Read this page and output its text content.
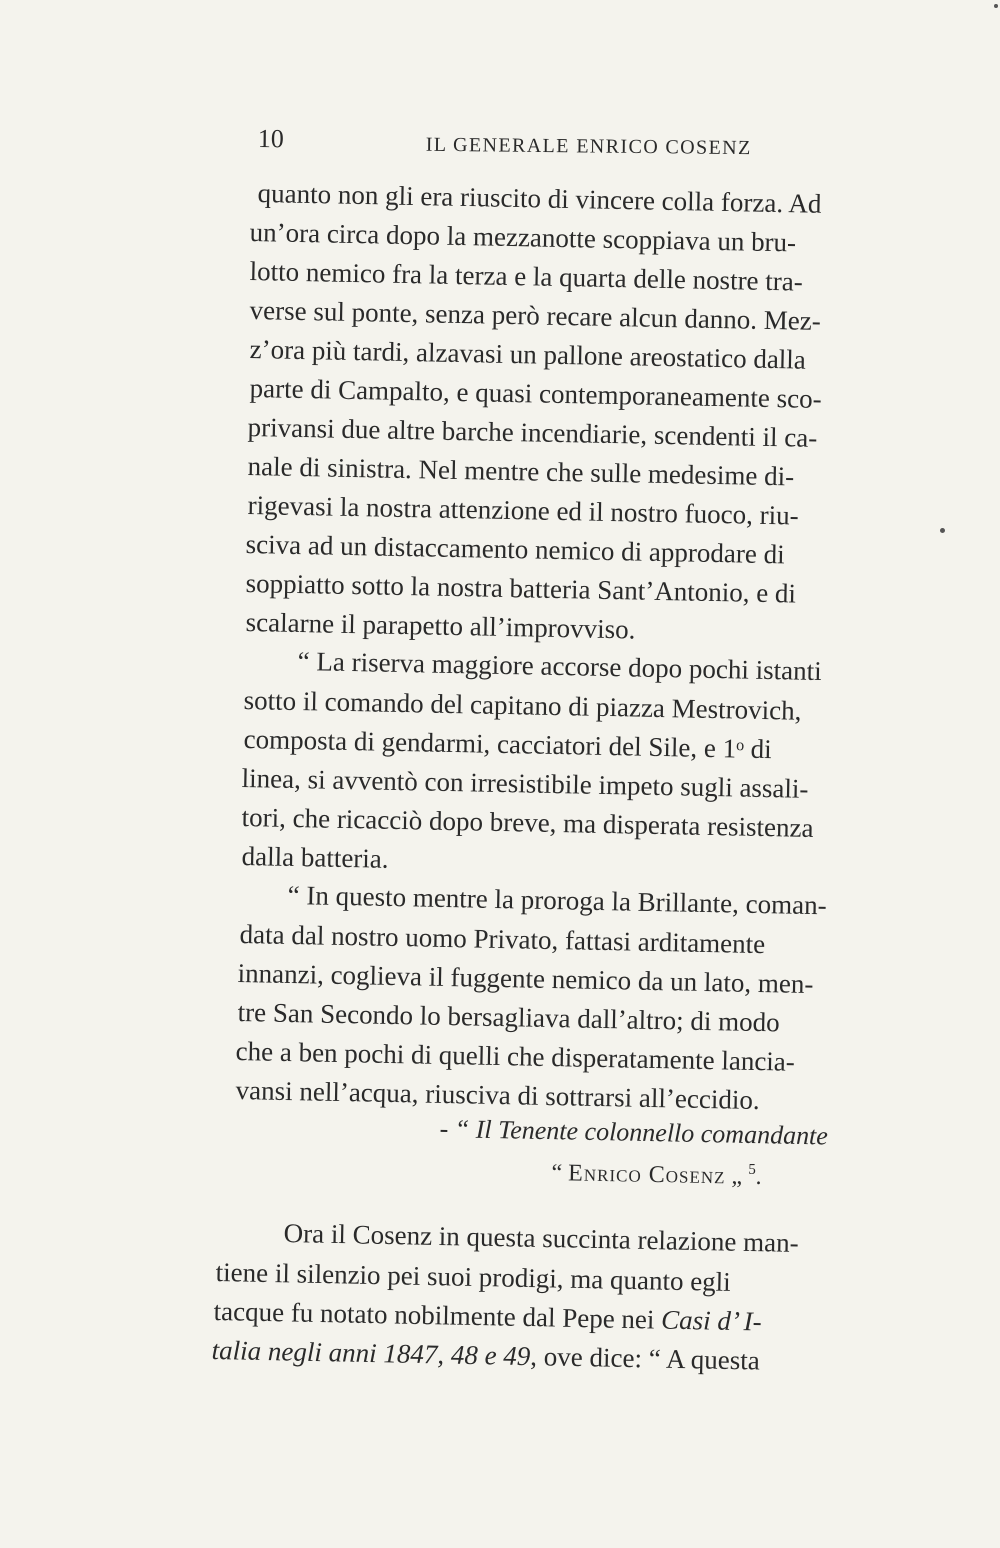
10	IL GENERALE ENRICO COSENZ
quanto non gli era riuscito di vincere colla forza. Ad
un’ora circa dopo la mezzanotte scoppiava un bru-
lotto nemico fra la terza e la quarta delle nostre tra-
verse sul ponte, senza però recare alcun danno. Mez-
z’ora più tardi, alzavasi un pallone areostatico dalla
parte di Campalto, e quasi contemporaneamente sco-
privansi due altre barche incendiarie, scendenti il ca-
nale di sinistra. Nel mentre che sulle medesime di-
rigevasi la nostra attenzione ed il nostro fuoco, riu-
sciva ad un distaccamento nemico di approdare di
soppiatto sotto la nostra batteria Sant’Antonio, e di
scalarne il parapetto all’improvviso.
“ La riserva maggiore accorse dopo pochi istanti
sotto il comando del capitano di piazza Mestrovich,
composta di gendarmi, cacciatori del Sile, e 1ᵒ di
linea, si avventò con irresistibile impeto sugli assali-
tori, che ricacciò dopo breve, ma disperata resistenza
dalla batteria.
“ In questo mentre la proroga la Brillante, coman-
data dal nostro uomo Privato, fattasi arditamente
innanzi, coglieva il fuggente nemico da un lato, men-
tre San Secondo lo bersagliava dall’altro; di modo
che a ben pochi di quelli che disperatamente lancia-
vansi nell’acqua, riusciva di sottrarsi all’eccidio.
- “ Il Tenente colonnello comandante
“ Enrico Cosenz „ $^5$.
Ora il Cosenz in questa succinta relazione man-
tiene il silenzio pei suoi prodigi, ma quanto egli
tacque fu notato nobilmente dal Pepe nei Casi d’ I-
talia negli anni 1847, 48 e 49, ove dice: “ A questa
